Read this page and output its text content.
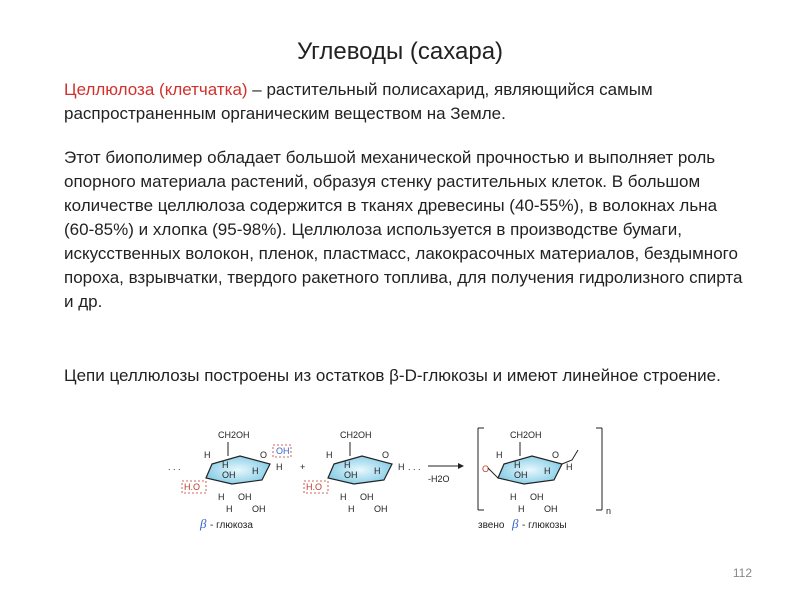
Углеводы (сахара)
Целлюлоза (клетчатка) – растительный полисахарид, являющийся самым распространенным органическим веществом на Земле.
Этот биополимер обладает большой механической прочностью и выполняет роль опорного материала растений, образуя стенку растительных клеток. В большом количестве целлюлоза содержится в тканях древесины (40-55%), в волокнах льна (60-85%) и хлопка (95-98%). Целлюлоза используется в производстве бумаги, искусственных волокон, пленок, пластмасс, лакокрасочных материалов, бездымного пороха, взрывчатки, твердого ракетного топлива, для получения гидролизного спирта и др.
Цепи целлюлозы построены из остатков β-D-глюкозы и имеют линейное строение.
. . .
CH2OH
O
H
H
OH H
OH
H
H.O
H OH
H OH
+
CH2OH
O
H
H
OH H H
H.O
H OH
H OH
. . .
-H2O
n
CH2OH
O
H
H
OH H H
H OH
H OH
O
β - глюкоза	звено β - глюкозы
112
